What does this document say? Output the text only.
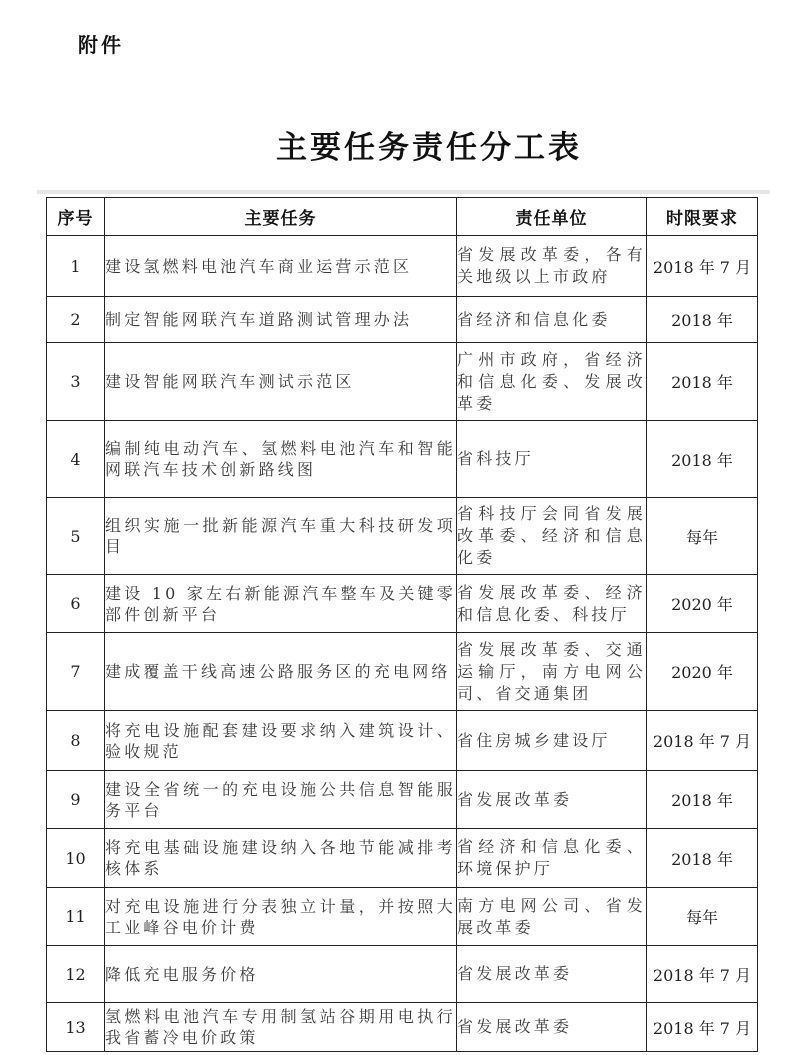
附件
主要任务责任分工表
序号	主要任务	责任单位	时限要求
1	建设氢燃料电池汽车商业运营示范区	省发展改革委，各有关地级以上市政府	2018 年 7 月
2	制定智能网联汽车道路测试管理办法	省经济和信息化委	2018 年
3	建设智能网联汽车测试示范区	广州市政府，省经济和信息化委、发展改革委	2018 年
4	编制纯电动汽车、氢燃料电池汽车和智能网联汽车技术创新路线图	省科技厅	2018 年
5	组织实施一批新能源汽车重大科技研发项目	省科技厅会同省发展改革委、经济和信息化委	每年
6	建设 10 家左右新能源汽车整车及关键零部件创新平台	省发展改革委、经济和信息化委、科技厅	2020 年
7	建成覆盖干线高速公路服务区的充电网络	省发展改革委、交通运输厅，南方电网公司、省交通集团	2020 年
8	将充电设施配套建设要求纳入建筑设计、验收规范	省住房城乡建设厅	2018 年 7 月
9	建设全省统一的充电设施公共信息智能服务平台	省发展改革委	2018 年
10	将充电基础设施建设纳入各地节能减排考核体系	省经济和信息化委、环境保护厅	2018 年
11	对充电设施进行分表独立计量，并按照大工业峰谷电价计费	南方电网公司、省发展改革委	每年
12	降低充电服务价格	省发展改革委	2018 年 7 月
13	氢燃料电池汽车专用制氢站谷期用电执行我省蓄冷电价政策	省发展改革委	2018 年 7 月
